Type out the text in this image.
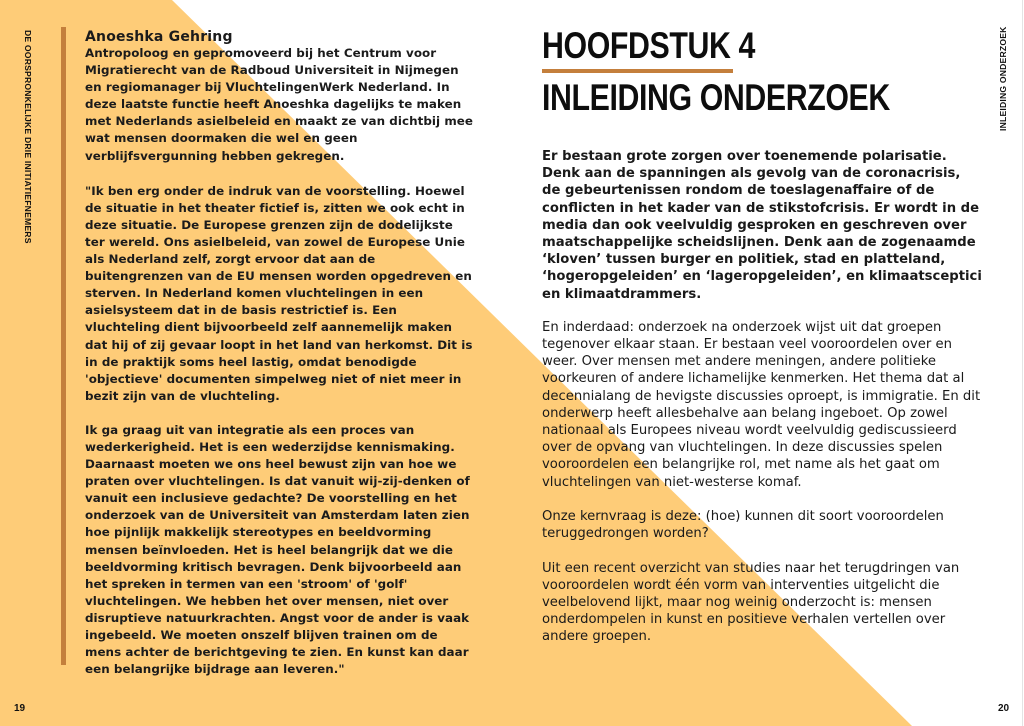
DE OORSPRONKELIJKE DRIE INITIATIEFNEMERS
19
Anoeshka Gehring

Antropoloog en gepromoveerd bij het Centrum voor Migratierecht van de Radboud Universiteit in Nijmegen en regiomanager bij VluchtelingenWerk Nederland. In deze laatste functie heeft Anoeshka dagelijks te maken met Nederlands asielbeleid en maakt ze van dichtbij mee wat mensen doormaken die wel en geen verblijfsvergunning hebben gekregen.

"Ik ben erg onder de indruk van de voorstelling. Hoewel de situatie in het theater fictief is, zitten we ook echt in deze situatie. De Europese grenzen zijn de dodelijkste ter wereld. Ons asielbeleid, van zowel de Europese Unie als Nederland zelf, zorgt ervoor dat aan de buitengrenzen van de EU mensen worden opgedreven en sterven. In Nederland komen vluchtelingen in een asielsysteem dat in de basis restrictief is. Een vluchteling dient bijvoorbeeld zelf aannemelijk maken dat hij of zij gevaar loopt in het land van herkomst. Dit is in de praktijk soms heel lastig, omdat benodigde 'objectieve' documenten simpelweg niet of niet meer in bezit zijn van de vluchteling.

Ik ga graag uit van integratie als een proces van wederkerigheid. Het is een wederzijdse kennismaking. Daarnaast moeten we ons heel bewust zijn van hoe we praten over vluchtelingen. Is dat vanuit wij-zij-denken of vanuit een inclusieve gedachte? De voorstelling en het onderzoek van de Universiteit van Amsterdam laten zien hoe pijnlijk makkelijk stereotypes en beeldvorming mensen beïnvloeden. Het is heel belangrijk dat we die beeldvorming kritisch bevragen. Denk bijvoorbeeld aan het spreken in termen van een 'stroom' of 'golf' vluchtelingen. We hebben het over mensen, niet over disruptieve natuurkrachten. Angst voor de ander is vaak ingebeeld. We moeten onszelf blijven trainen om de mens achter de berichtgeving te zien. En kunst kan daar een belangrijke bijdrage aan leveren."

HOOFDSTUK 4
INLEIDING ONDERZOEK

Er bestaan grote zorgen over toenemende polarisatie. Denk aan de spanningen als gevolg van de coronacrisis, de gebeurtenissen rondom de toeslagenaffaire of de conflicten in het kader van de stikstofcrisis. Er wordt in de media dan ook veelvuldig gesproken en geschreven over maatschappelijke scheidslijnen. Denk aan de zogenaamde ‘kloven’ tussen burger en politiek, stad en platteland, ‘hogeropgeleiden’ en ‘lageropgeleiden’, en klimaatsceptici en klimaatdrammers.

En inderdaad: onderzoek na onderzoek wijst uit dat groepen tegenover elkaar staan. Er bestaan veel vooroordelen over en weer. Over mensen met andere meningen, andere politieke voorkeuren of andere lichamelijke kenmerken. Het thema dat al decennialang de hevigste discussies oproept, is immigratie. En dit onderwerp heeft allesbehalve aan belang ingeboet. Op zowel nationaal als Europees niveau wordt veelvuldig gediscussieerd over de opvang van vluchtelingen. In deze discussies spelen vooroordelen een belangrijke rol, met name als het gaat om vluchtelingen van niet-westerse komaf.

Onze kernvraag is deze: (hoe) kunnen dit soort vooroordelen teruggedrongen worden?

Uit een recent overzicht van studies naar het terugdringen van vooroordelen wordt één vorm van interventies uitgelicht die veelbelovend lijkt, maar nog weinig onderzocht is: mensen onderdompelen in kunst en positieve verhalen vertellen over andere groepen.

INLEIDING ONDERZOEK
20
